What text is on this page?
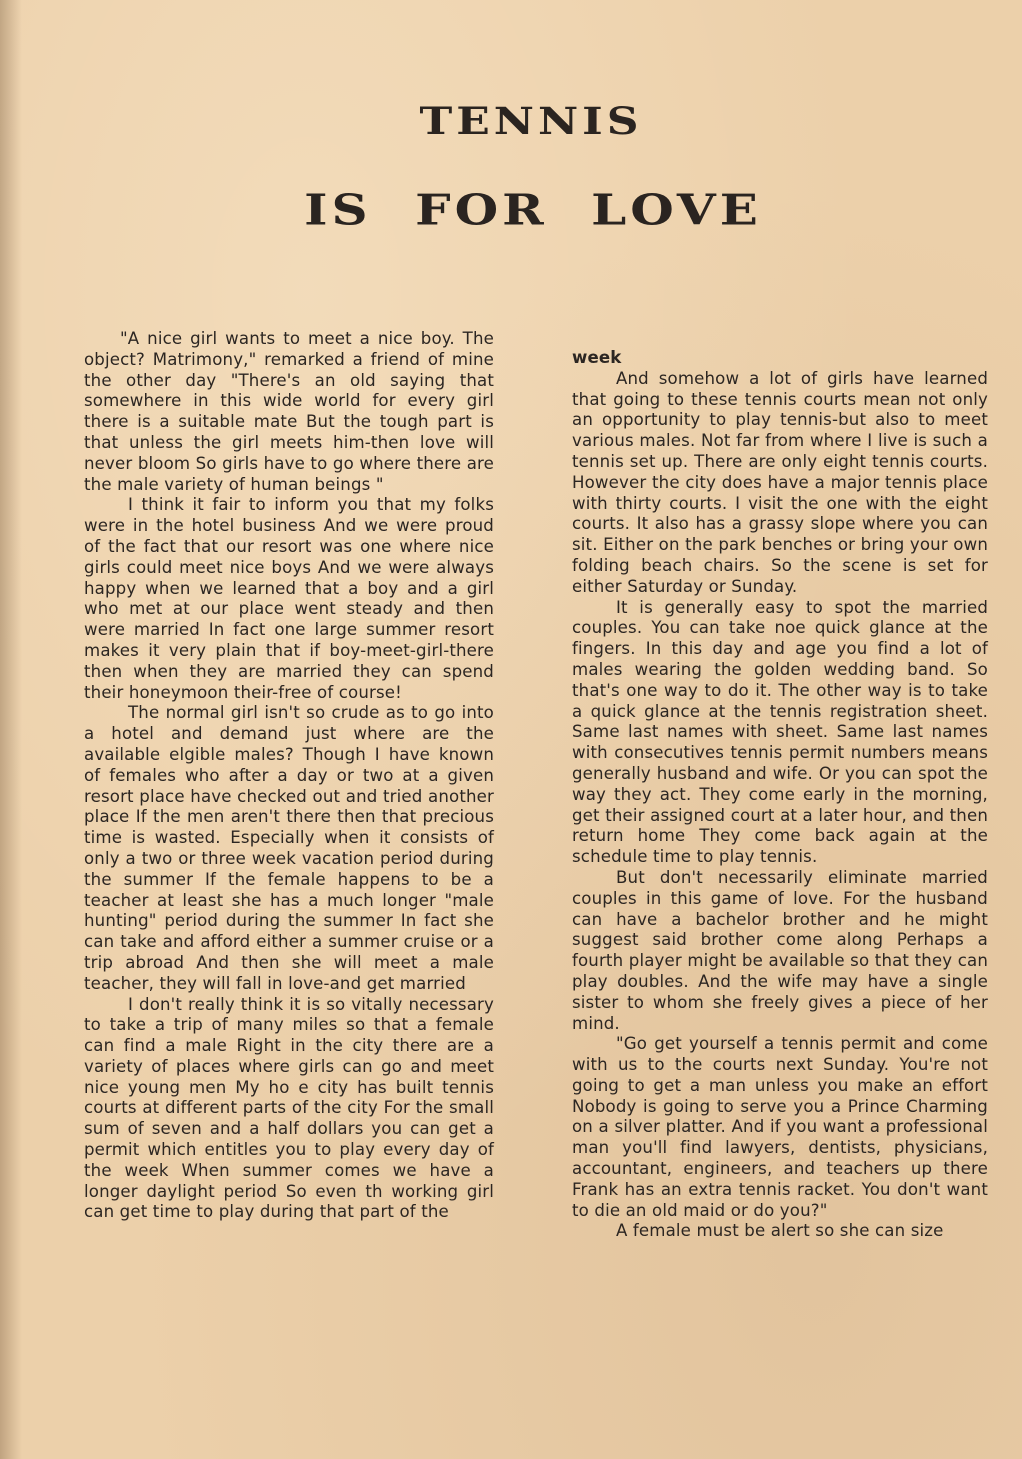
TENNIS
IS FOR LOVE

"A nice girl wants to meet a nice boy. The object? Matrimony," remarked a friend of mine the other day "There's an old saying that somewhere in this wide world for every girl there is a suitable mate But the tough part is that unless the girl meets him-then love will never bloom So girls have to go where there are the male variety of human beings "

I think it fair to inform you that my folks were in the hotel business And we were proud of the fact that our resort was one where nice girls could meet nice boys And we were always happy when we learned that a boy and a girl who met at our place went steady and then were married In fact one large summer resort makes it very plain that if boy-meet-girl-there then when they are married they can spend their honeymoon their-free of course!

The normal girl isn't so crude as to go into a hotel and demand just where are the available elgible males? Though I have known of females who after a day or two at a given resort place have checked out and tried another place If the men aren't there then that precious time is wasted. Especially when it consists of only a two or three week vacation period during the summer If the female happens to be a teacher at least she has a much longer "male hunting" period during the summer In fact she can take and afford either a summer cruise or a trip abroad And then she will meet a male teacher, they will fall in love-and get married

I don't really think it is so vitally necessary to take a trip of many miles so that a female can find a male Right in the city there are a variety of places where girls can go and meet nice young men My ho e city has built tennis courts at different parts of the city For the small sum of seven and a half dollars you can get a permit which entitles you to play every day of the week When summer comes we have a longer daylight period So even th working girl can get time to play during that part of the

week

And somehow a lot of girls have learned that going to these tennis courts mean not only an opportunity to play tennis-but also to meet various males. Not far from where I live is such a tennis set up. There are only eight tennis courts. However the city does have a major tennis place with thirty courts. I visit the one with the eight courts. It also has a grassy slope where you can sit. Either on the park benches or bring your own folding beach chairs. So the scene is set for either Saturday or Sunday.

It is generally easy to spot the married couples. You can take noe quick glance at the fingers. In this day and age you find a lot of males wearing the golden wedding band. So that's one way to do it. The other way is to take a quick glance at the tennis registration sheet. Same last names with sheet. Same last names with consecutives tennis permit numbers means generally husband and wife. Or you can spot the way they act. They come early in the morning, get their assigned court at a later hour, and then return home They come back again at the schedule time to play tennis.

But don't necessarily eliminate married couples in this game of love. For the husband can have a bachelor brother and he might suggest said brother come along Perhaps a fourth player might be available so that they can play doubles. And the wife may have a single sister to whom she freely gives a piece of her mind.

"Go get yourself a tennis permit and come with us to the courts next Sunday. You're not going to get a man unless you make an effort Nobody is going to serve you a Prince Charming on a silver platter. And if you want a professional man you'll find lawyers, dentists, physicians, accountant, engineers, and teachers up there Frank has an extra tennis racket. You don't want to die an old maid or do you?"

A female must be alert so she can size
